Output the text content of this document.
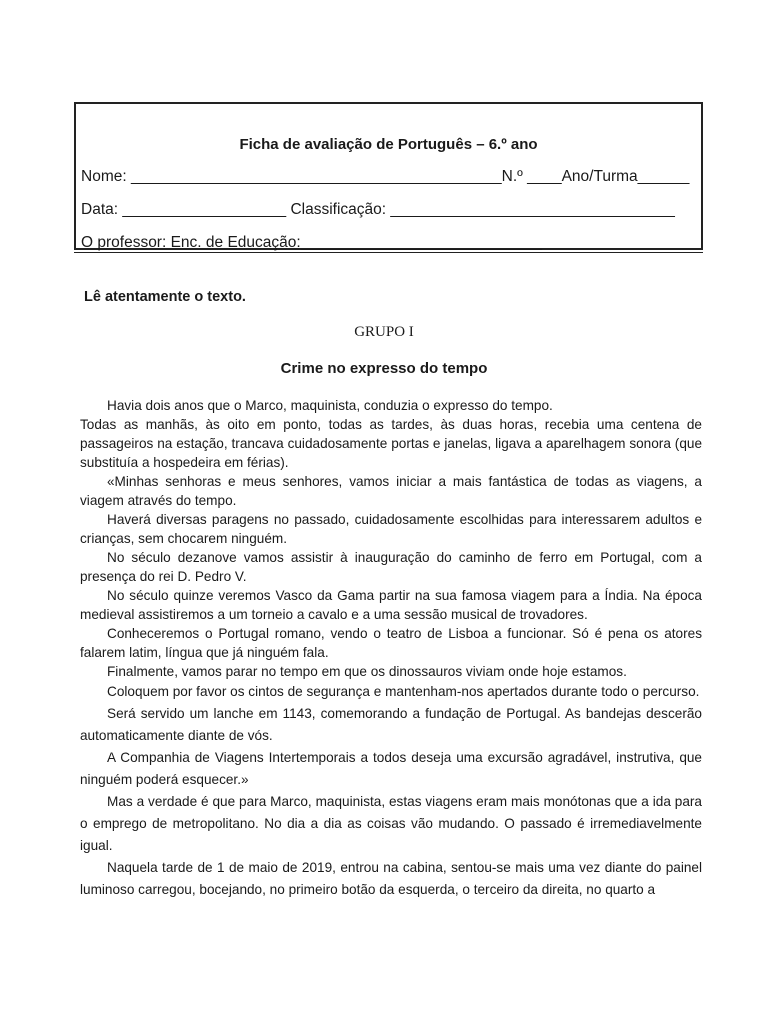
Ficha de avaliação de Português – 6.º ano
Nome: ___________________________________________N.º ____Ano/Turma______
Data: ___________________ Classificação: _________________________________
O professor: Enc. de Educação:____________________________
Lê atentamente o texto.
GRUPO I
Crime no expresso do tempo

Havia dois anos que o Marco, maquinista, conduzia o expresso do tempo.

Todas as manhãs, às oito em ponto, todas as tardes, às duas horas, recebia uma centena de passageiros na estação, trancava cuidadosamente portas e janelas, ligava a aparelhagem sonora (que substituía a hospedeira em férias).

«Minhas senhoras e meus senhores, vamos iniciar a mais fantástica de todas as viagens, a viagem através do tempo.

Haverá diversas paragens no passado, cuidadosamente escolhidas para interessarem adultos e crianças, sem chocarem ninguém.

No século dezanove vamos assistir à inauguração do caminho de ferro em Portugal, com a presença do rei D. Pedro V.

No século quinze veremos Vasco da Gama partir na sua famosa viagem para a Índia. Na época medieval assistiremos a um torneio a cavalo e a uma sessão musical de trovadores.

Conheceremos o Portugal romano, vendo o teatro de Lisboa a funcionar. Só é pena os atores falarem latim, língua que já ninguém fala.

Finalmente, vamos parar no tempo em que os dinossauros viviam onde hoje estamos.

Coloquem por favor os cintos de segurança e mantenham-nos apertados durante todo o percurso.

Será servido um lanche em 1143, comemorando a fundação de Portugal. As bandejas descerão automaticamente diante de vós.

A Companhia de Viagens Intertemporais a todos deseja uma excursão agradável, instrutiva, que ninguém poderá esquecer.»

Mas a verdade é que para Marco, maquinista, estas viagens eram mais monótonas que a ida para o emprego de metropolitano. No dia a dia as coisas vão mudando. O passado é irremediavelmente igual.

Naquela tarde de 1 de maio de 2019, entrou na cabina, sentou-se mais uma vez diante do painel luminoso carregou, bocejando, no primeiro botão da esquerda, o terceiro da direita, no quarto a
